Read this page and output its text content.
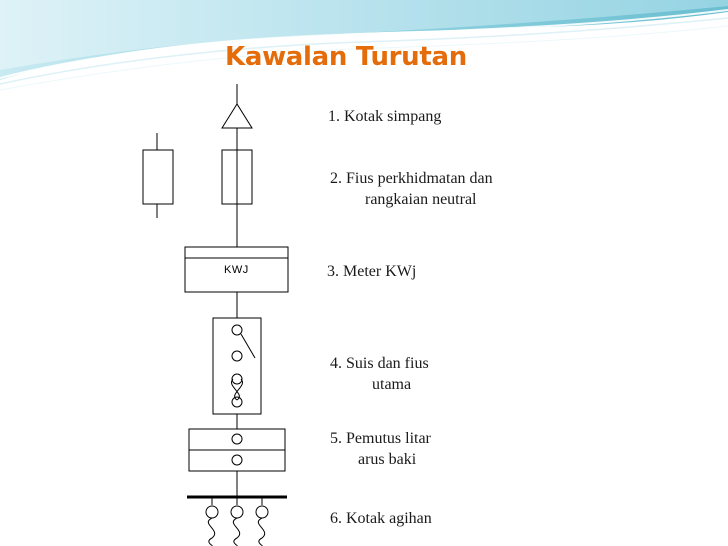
Kawalan Turutan
KWJ
1. Kotak simpang
2. Fius perkhidmatan dan
rangkaian neutral
3. Meter KWj
4. Suis dan fius
utama
5. Pemutus litar
arus baki
6. Kotak agihan
